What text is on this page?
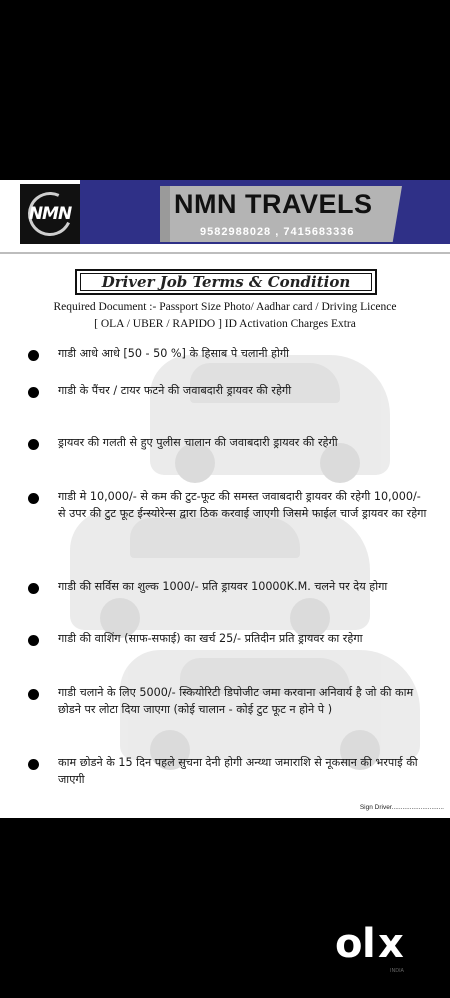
NMN	NMN TRAVELS
9582988028 , 7415683336
Driver Job Terms & Condition
Required Document :- Passport Size Photo/ Aadhar card / Driving Licence
[ OLA / UBER / RAPIDO ] ID Activation Charges Extra
गाडी आधे आधे [50 - 50 %] के हिसाब पे चलानी होगी
गाडी के पैंचर / टायर फटने की जवाबदारी ड्रायवर की रहेगी
ड्रायवर की गलती से हुए पुलीस चालान की जवाबदारी ड्रायवर की रहेगी
गाडी मे 10,000/- से कम की टुट-फूट की समस्त जवाबदारी ड्रायवर की रहेगी 10,000/- से उपर की टुट फूट ईन्स्योरेन्स द्वारा ठिक करवाई जाएगी जिसमे फाईल चार्ज ड्रायवर का रहेगा
गाडी की सर्विस का शुल्क 1000/- प्रति ड्रायवर 10000K.M. चलने पर देय होगा
गाडी की वाशिंग (साफ-सफाई) का खर्च 25/- प्रतिदीन प्रति ड्रायवर का रहेगा
गाडी चलाने के लिए 5000/- स्कियोरिटी डिपोजीट जमा करवाना अनिवार्य है जो की काम छोडने पर लोटा दिया जाएगा (कोई चालान - कोई टुट फूट न होने पे )
काम छोडने के 15 दिन पहले सुचना देनी होगी अन्य्था जमाराशि से नूकसान की भरपाई की जाएगी
Sign Driver.............................
o l x
INDIA
